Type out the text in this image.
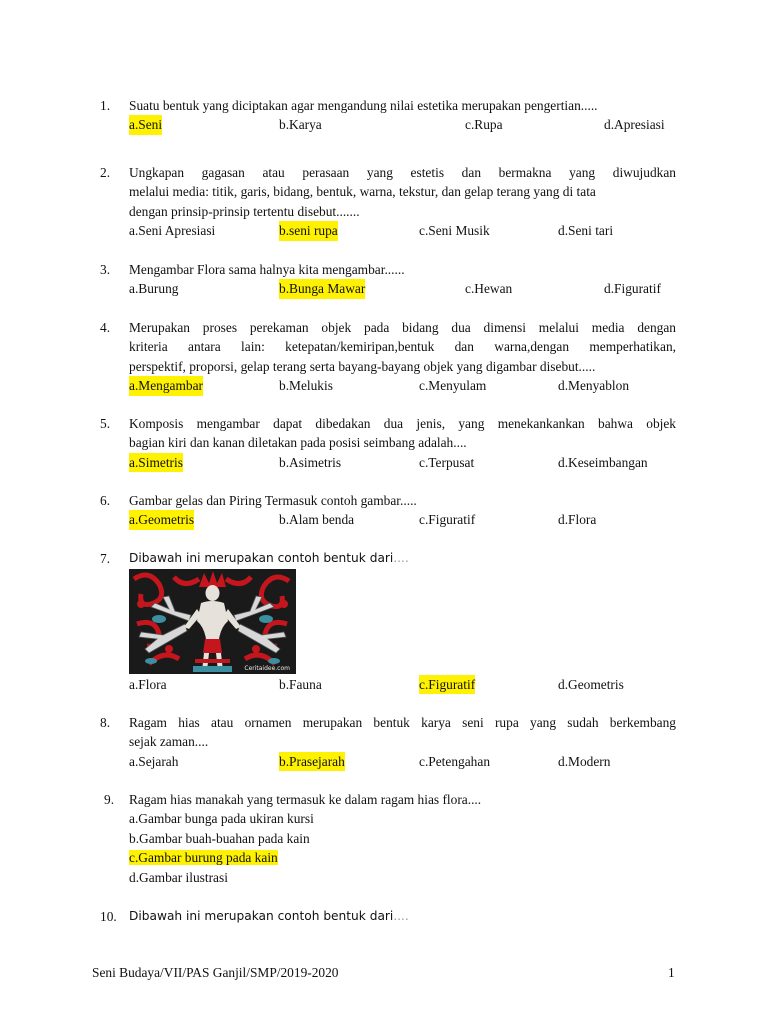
1.	Suatu bentuk yang diciptakan agar mengandung nilai estetika merupakan pengertian.....
a.Seni	b.Karya	c.Rupa	d.Apresiasi
2.	Ungkapan gagasan atau perasaan yang estetis dan bermakna yang diwujudkan
melalui media: titik, garis, bidang, bentuk, warna, tekstur, dan gelap terang yang di tata
dengan prinsip-prinsip tertentu disebut.......
a.Seni Apresiasi	b.seni rupa	c.Seni Musik	d.Seni tari
3.	Mengambar Flora sama halnya kita mengambar......
a.Burung	b.Bunga Mawar	c.Hewan	d.Figuratif
4.	Merupakan proses perekaman objek pada bidang dua dimensi melalui media dengan
kriteria antara lain: ketepatan/kemiripan,bentuk dan warna,dengan memperhatikan,
perspektif, proporsi, gelap terang serta bayang-bayang objek yang digambar disebut.....
a.Mengambar	b.Melukis	c.Menyulam	d.Menyablon
5.	Komposis mengambar dapat dibedakan dua jenis, yang menekankankan bahwa objek
bagian kiri dan kanan diletakan pada posisi seimbang adalah....
a.Simetris	b.Asimetris	c.Terpusat	d.Keseimbangan
6.	Gambar gelas dan Piring Termasuk contoh gambar.....
a.Geometris	b.Alam benda	c.Figuratif	d.Flora
7.	Dibawah ini merupakan contoh bentuk dari....
Ceritaidee.com
a.Flora	b.Fauna	c.Figuratif	d.Geometris
8.	Ragam hias atau ornamen merupakan bentuk karya seni rupa yang sudah berkembang
sejak zaman....
a.Sejarah	b.Prasejarah	c.Petengahan	d.Modern
9.	Ragam hias manakah yang termasuk ke dalam ragam hias flora....
a.Gambar bunga pada ukiran kursi
b.Gambar buah-buahan pada kain
c.Gambar burung pada kain
d.Gambar ilustrasi
10.	Dibawah ini merupakan contoh bentuk dari....
Seni Budaya/VII/PAS Ganjil/SMP/2019-2020	1
